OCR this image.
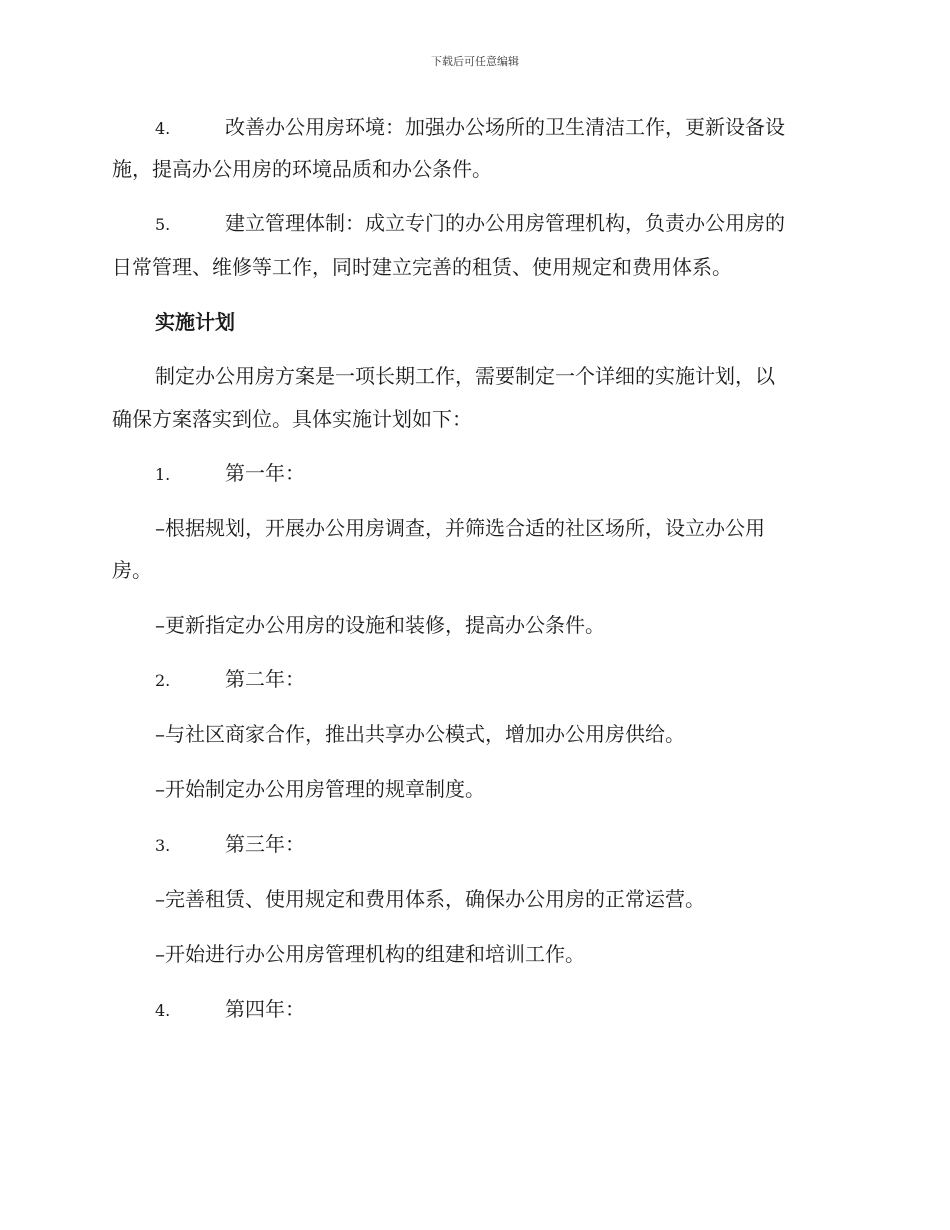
下载后可任意编辑
4.	改善办公用房环境：加强办公场所的卫生清洁工作，更新设备设
施，提高办公用房的环境品质和办公条件。
5.	建立管理体制：成立专门的办公用房管理机构，负责办公用房的
日常管理、维修等工作，同时建立完善的租赁、使用规定和费用体系。
实施计划
制定办公用房方案是一项长期工作，需要制定一个详细的实施计划，以
确保方案落实到位。具体实施计划如下：
1.	第一年：
–根据规划，开展办公用房调查，并筛选合适的社区场所，设立办公用
房。
–更新指定办公用房的设施和装修，提高办公条件。
2.	第二年：
–与社区商家合作，推出共享办公模式，增加办公用房供给。
–开始制定办公用房管理的规章制度。
3.	第三年：
–完善租赁、使用规定和费用体系，确保办公用房的正常运营。
–开始进行办公用房管理机构的组建和培训工作。
4.	第四年：
